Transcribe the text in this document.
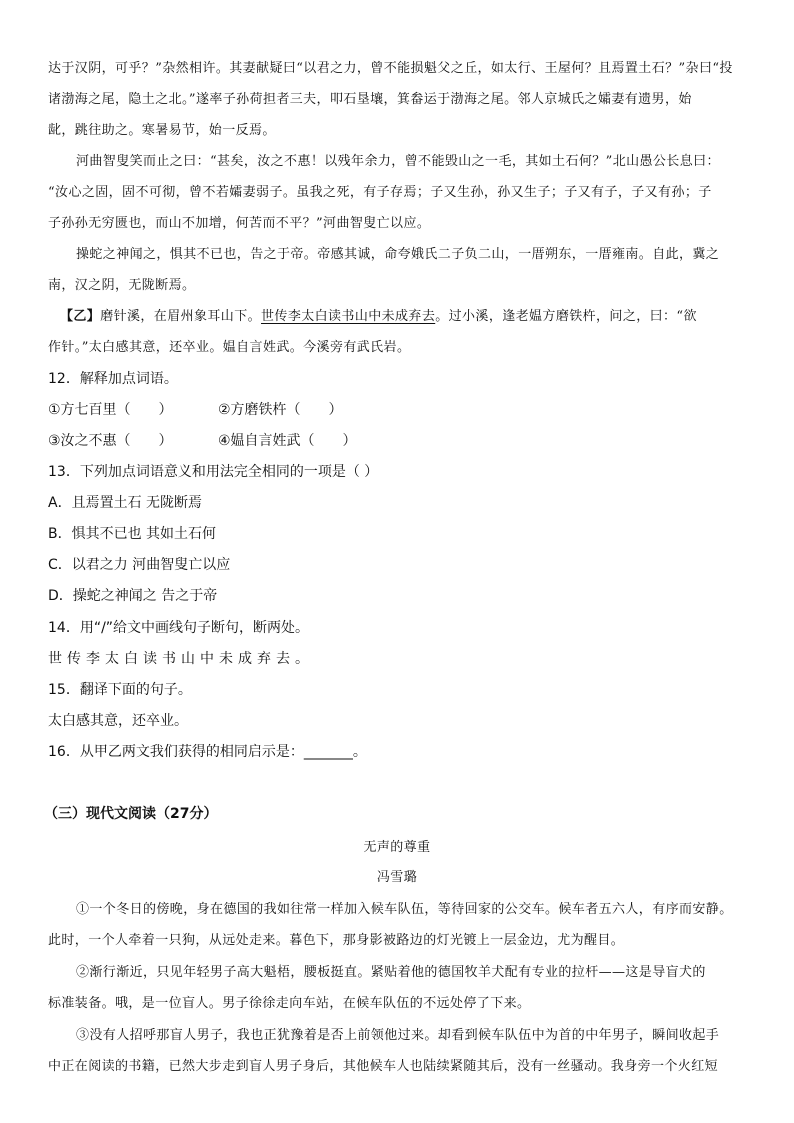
达于汉阴，可乎？”杂然相许。其妻献疑曰“以君之力，曾不能损魁父之丘，如太行、王屋何？且焉置土石？”杂曰“投

诸渤海之尾，隐土之北。”遂率子孙荷担者三夫，叩石垦壤，箕畚运于渤海之尾。邻人京城氏之孀妻有遗男，始

龀，跳往助之。寒暑易节，始一反焉。

河曲智叟笑而止之曰：“甚矣，汝之不惠！以残年余力，曾不能毁山之一毛，其如土石何？”北山愚公长息曰：

“汝心之固，固不可彻，曾不若孀妻弱子。虽我之死，有子存焉；子又生孙，孙又生子；子又有子，子又有孙；子

子孙孙无穷匮也，而山不加增，何苦而不平？”河曲智叟亡以应。

操蛇之神闻之，惧其不已也，告之于帝。帝感其诚，命夸娥氏二子负二山，一厝朔东，一厝雍南。自此，冀之

南，汉之阴，无陇断焉。

【乙】磨针溪，在眉州象耳山下。世传李太白读书山中未成弃去。过小溪，逢老媪方磨铁杵，问之，曰：“欲

作针。”太白感其意，还卒业。媪自言姓武。今溪旁有武氏岩。

12．解释加点词语。

①方七百里（　　）	②方磨铁杵（　　）

③汝之不惠（　　）	④媪自言姓武（　　）

13．下列加点词语意义和用法完全相同的一项是（ ）

A．且焉置土石 无陇断焉

B．惧其不已也 其如土石何

C．以君之力 河曲智叟亡以应

D．操蛇之神闻之 告之于帝

14．用“/”给文中画线句子断句，断两处。

世传李太白读书山中未成弃去。

15．翻译下面的句子。

太白感其意，还卒业。

16．从甲乙两文我们获得的相同启示是：_______。

（三）现代文阅读（27分）

无声的尊重

冯雪璐

①一个冬日的傍晚，身在德国的我如往常一样加入候车队伍，等待回家的公交车。候车者五六人，有序而安静。

此时，一个人牵着一只狗，从远处走来。暮色下，那身影被路边的灯光镀上一层金边，尤为醒目。

②渐行渐近，只见年轻男子高大魁梧，腰板挺直。紧贴着他的德国牧羊犬配有专业的拉杆——这是导盲犬的

标准装备。哦，是一位盲人。男子徐徐走向车站，在候车队伍的不远处停了下来。

③没有人招呼那盲人男子，我也正犹豫着是否上前领他过来。却看到候车队伍中为首的中年男子，瞬间收起手

中正在阅读的书籍，已然大步走到盲人男子身后，其他候车人也陆续紧随其后，没有一丝骚动。我身旁一个火红短
